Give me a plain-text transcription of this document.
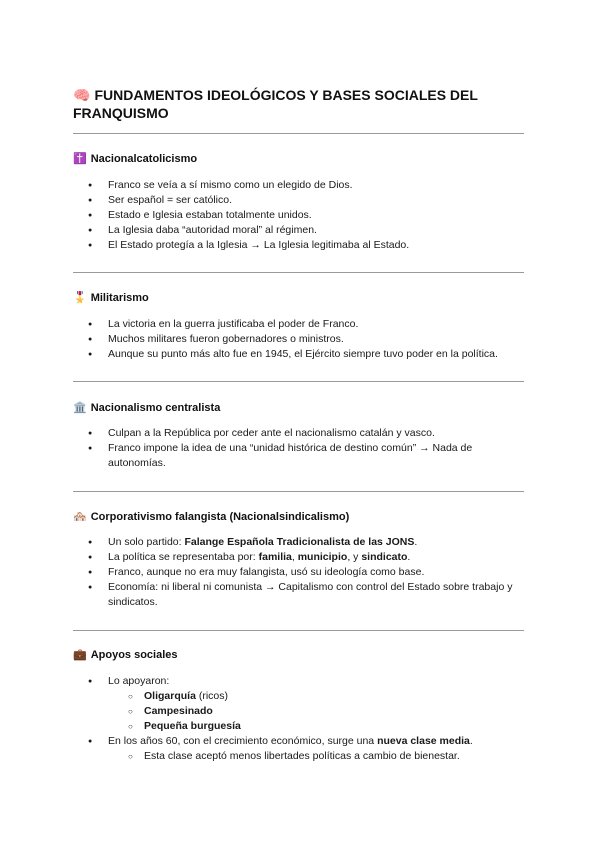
🧠 FUNDAMENTOS IDEOLÓGICOS Y BASES SOCIALES DEL FRANQUISMO
✝️ Nacionalcatolicismo
● Franco se veía a sí mismo como un elegido de Dios.
● Ser español = ser católico.
● Estado e Iglesia estaban totalmente unidos.
● La Iglesia daba “autoridad moral” al régimen.
● El Estado protegía a la Iglesia → La Iglesia legitimaba al Estado.
🎖️ Militarismo
● La victoria en la guerra justificaba el poder de Franco.
● Muchos militares fueron gobernadores o ministros.
● Aunque su punto más alto fue en 1945, el Ejército siempre tuvo poder en la política.
🏛️ Nacionalismo centralista
● Culpan a la República por ceder ante el nacionalismo catalán y vasco.
● Franco impone la idea de una “unidad histórica de destino común” → Nada de autonomías.
🏘️ Corporativismo falangista (Nacionalsindicalismo)
● Un solo partido: Falange Española Tradicionalista de las JONS.
● La política se representaba por: familia, municipio, y sindicato.
● Franco, aunque no era muy falangista, usó su ideología como base.
● Economía: ni liberal ni comunista → Capitalismo con control del Estado sobre trabajo y sindicatos.
💼 Apoyos sociales
● Lo apoyaron:
○ Oligarquía (ricos)
○ Campesinado
○ Pequeña burguesía
● En los años 60, con el crecimiento económico, surge una nueva clase media.
○ Esta clase aceptó menos libertades políticas a cambio de bienestar.
